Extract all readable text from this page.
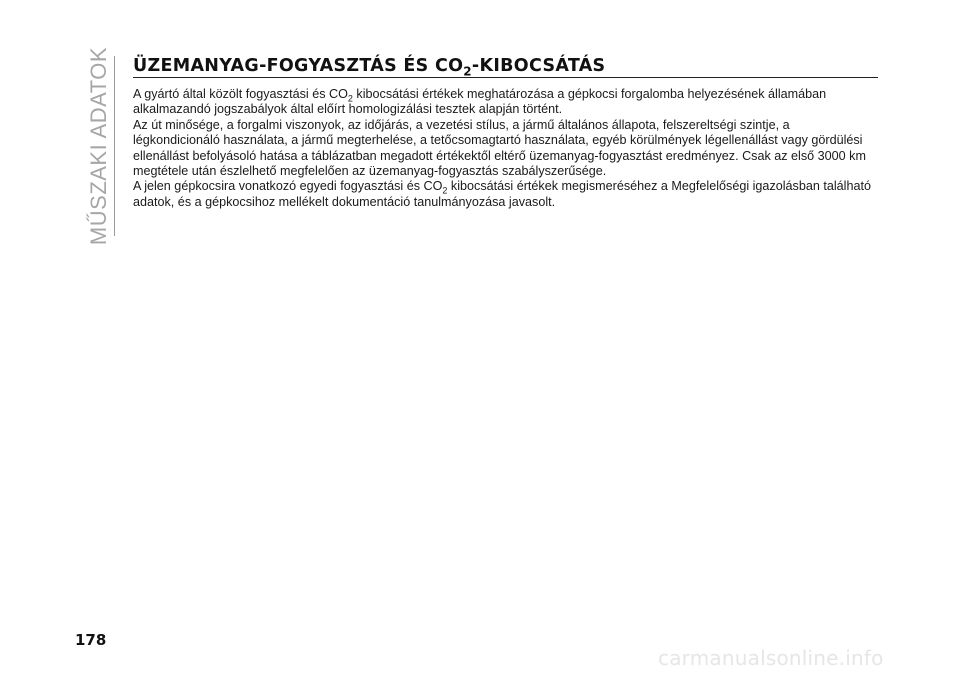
MŰSZAKI ADATOK ÜZEMANYAG-FOGYASZTÁS ÉS $CO_2$-KIBOCSÁTÁS

A gyártó által közölt fogyasztási és $CO_2$ kibocsátási értékek meghatározása a gépkocsi forgalomba helyezésének államában alkalmazandó jogszabályok által előírt homologizálási tesztek alapján történt.

Az út minősége, a forgalmi viszonyok, az időjárás, a vezetési stílus, a jármű általános állapota, felszereltségi szintje, a légkondicionáló használata, a jármű megterhelése, a tetőcsomagtartó használata, egyéb körülmények légellenállást vagy gördülési ellenállást befolyásoló hatása a táblázatban megadott értékektől eltérő üzemanyag-fogyasztást eredményez. Csak az első 3000 km megtétele után észlelhető megfelelően az üzemanyag-fogyasztás szabályszerűsége.

A jelen gépkocsira vonatkozó egyedi fogyasztási és $CO_2$ kibocsátási értékek megismeréséhez a Megfelelőségi igazolásban található adatok, és a gépkocsihoz mellékelt dokumentáció tanulmányozása javasolt.

178
carmanualsonline.info
